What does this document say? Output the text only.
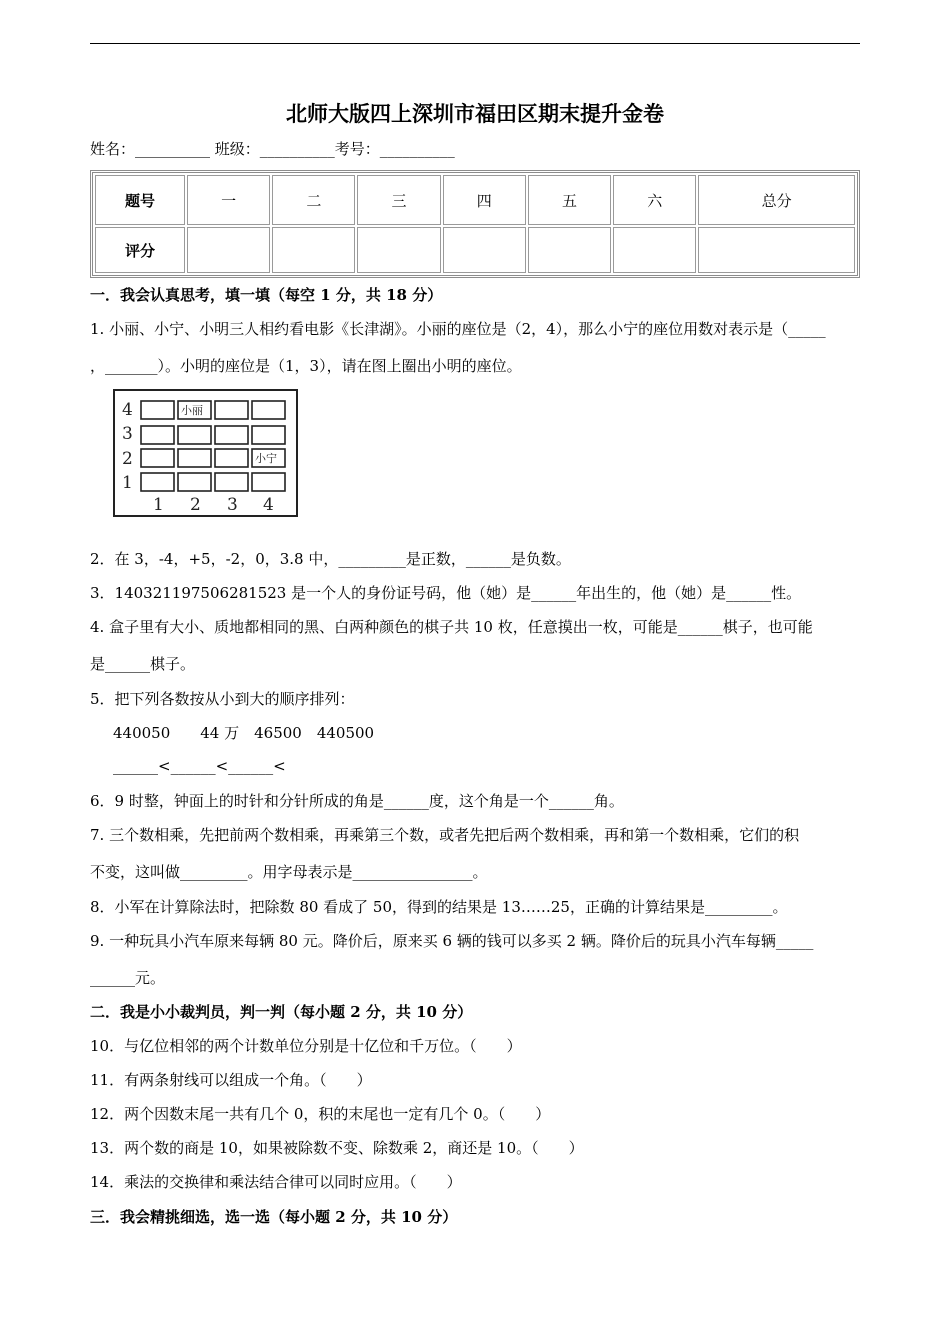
北师大版四上深圳市福田区期末提升金卷
姓名：__________ 班级：__________考号：__________
题号	一	二	三	四	五	六	总分
评分							
一．我会认真思考，填一填（每空 1 分，共 18 分）
1. 小丽、小宁、小明三人相约看电影《长津湖》。小丽的座位是（2，4），那么小宁的座位用数对表示是（_____
，_______）。小明的座位是（1，3），请在图上圈出小明的座位。
4
3
2
1
1 2 3 4
小丽
小宁
2．在 3，-4，+5，-2，0，3.8 中，_________是正数，______是负数。
3．140321197506281523 是一个人的身份证号码，他（她）是______年出生的，他（她）是______性。
4. 盒子里有大小、质地都相同的黑、白两种颜色的棋子共 10 枚，任意摸出一枚，可能是______棋子，也可能
是______棋子。
5．把下列各数按从小到大的顺序排列：
440050　　44 万　46500　440500
______<______<______<
6．9 时整，钟面上的时针和分针所成的角是______度，这个角是一个______角。
7. 三个数相乘，先把前两个数相乘，再乘第三个数，或者先把后两个数相乘，再和第一个数相乘，它们的积
不变，这叫做_________。用字母表示是________________。
8．小军在计算除法时，把除数 80 看成了 50，得到的结果是 13……25，正确的计算结果是_________。
9. 一种玩具小汽车原来每辆 80 元。降价后，原来买 6 辆的钱可以多买 2 辆。降价后的玩具小汽车每辆_____
______元。
二．我是小小裁判员，判一判（每小题 2 分，共 10 分）
10．与亿位相邻的两个计数单位分别是十亿位和千万位。（　　）
11．有两条射线可以组成一个角。（　　）
12．两个因数末尾一共有几个 0，积的末尾也一定有几个 0。（　　）
13．两个数的商是 10，如果被除数不变、除数乘 2，商还是 10。（　　）
14．乘法的交换律和乘法结合律可以同时应用。（　　）
三．我会精挑细选，选一选（每小题 2 分，共 10 分）
